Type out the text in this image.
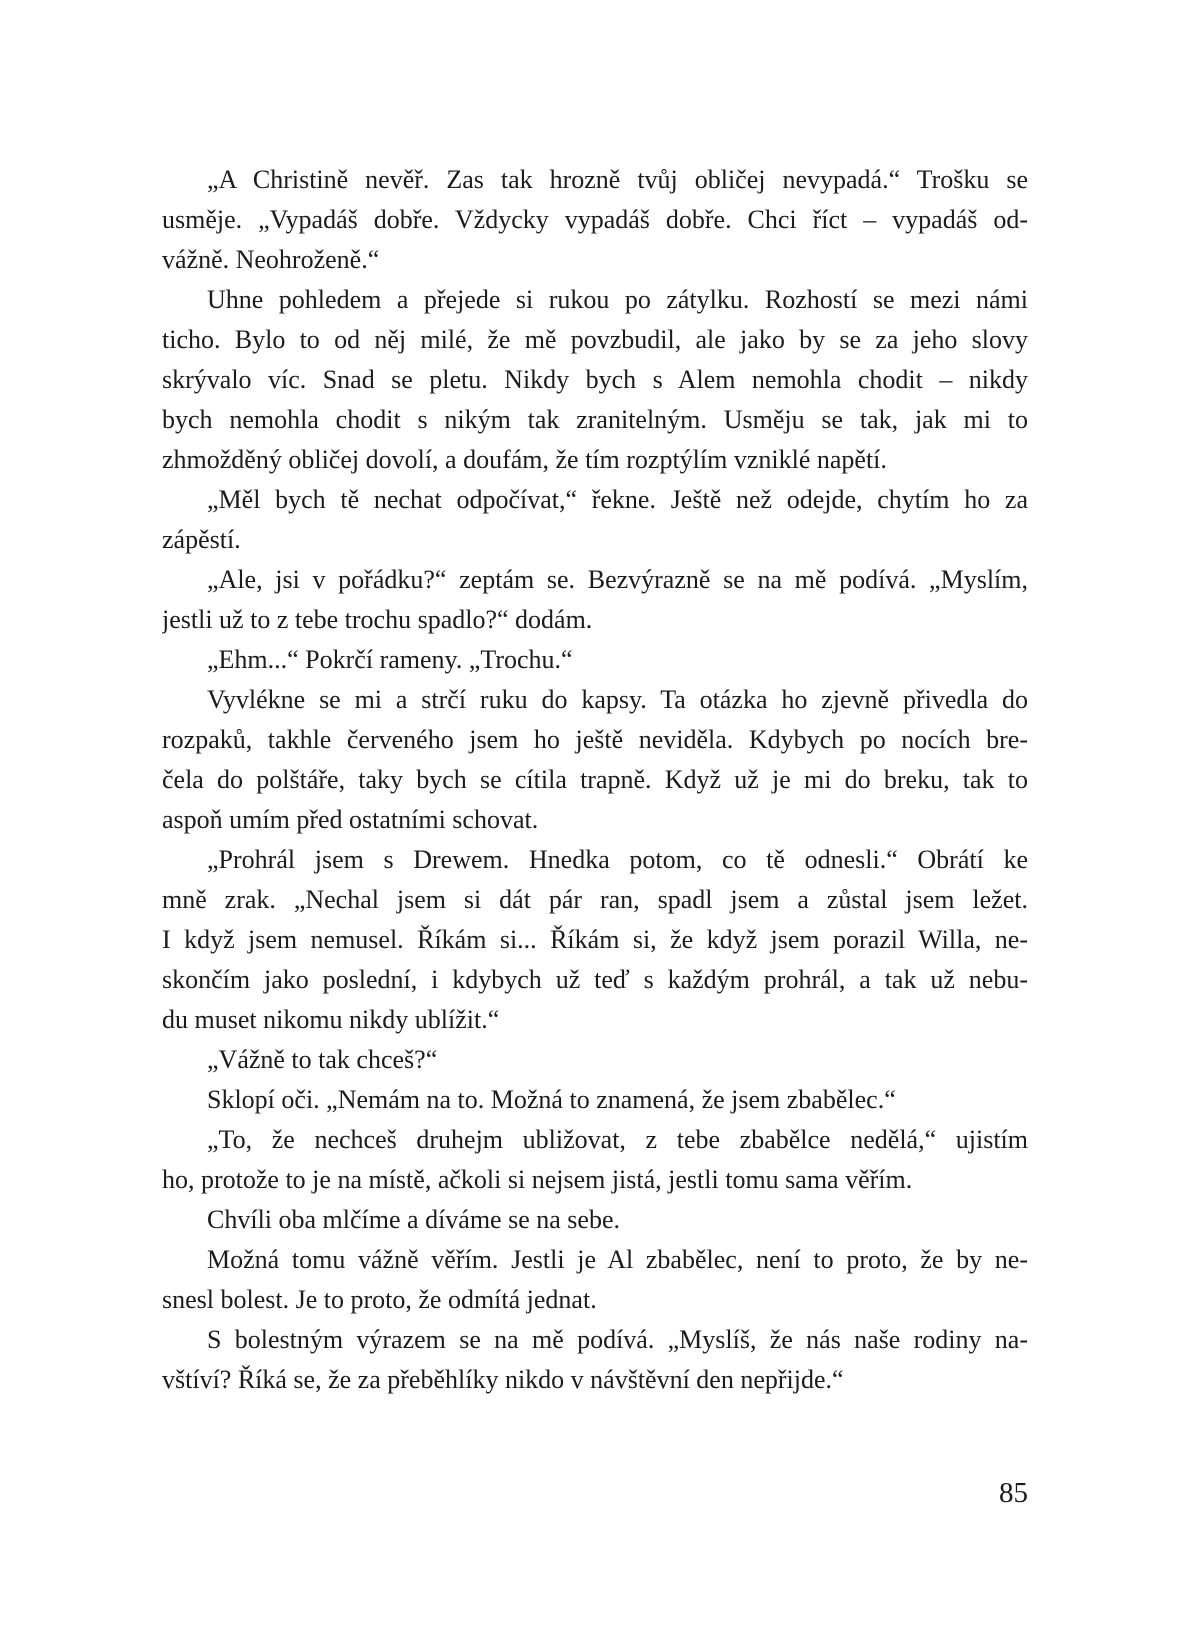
„A Christině nevěř. Zas tak hrozně tvůj obličej nevypadá.“ Trošku se
usměje. „Vypadáš dobře. Vždycky vypadáš dobře. Chci říct – vypadáš od-
vážně. Neohroženě.“
Uhne pohledem a přejede si rukou po zátylku. Rozhostí se mezi námi
ticho. Bylo to od něj milé, že mě povzbudil, ale jako by se za jeho slovy
skrývalo víc. Snad se pletu. Nikdy bych s Alem nemohla chodit – nikdy
bych nemohla chodit s nikým tak zranitelným. Usměju se tak, jak mi to
zhmožděný obličej dovolí, a doufám, že tím rozptýlím vzniklé napětí.
„Měl bych tě nechat odpočívat,“ řekne. Ještě než odejde, chytím ho za
zápěstí.
„Ale, jsi v pořádku?“ zeptám se. Bezvýrazně se na mě podívá. „Myslím,
jestli už to z tebe trochu spadlo?“ dodám.
„Ehm...“ Pokrčí rameny. „Trochu.“
Vyvlékne se mi a strčí ruku do kapsy. Ta otázka ho zjevně přivedla do
rozpaků, takhle červeného jsem ho ještě neviděla. Kdybych po nocích bre-
čela do polštáře, taky bych se cítila trapně. Když už je mi do breku, tak to
aspoň umím před ostatními schovat.
„Prohrál jsem s Drewem. Hnedka potom, co tě odnesli.“ Obrátí ke
mně zrak. „Nechal jsem si dát pár ran, spadl jsem a zůstal jsem ležet.
I když jsem nemusel. Říkám si... Říkám si, že když jsem porazil Willa, ne-
skončím jako poslední, i kdybych už teď s každým prohrál, a tak už nebu-
du muset nikomu nikdy ublížit.“
„Vážně to tak chceš?“
Sklopí oči. „Nemám na to. Možná to znamená, že jsem zbabělec.“
„To, že nechceš druhejm ubližovat, z tebe zbabělce nedělá,“ ujistím
ho, protože to je na místě, ačkoli si nejsem jistá, jestli tomu sama věřím.
Chvíli oba mlčíme a díváme se na sebe.
Možná tomu vážně věřím. Jestli je Al zbabělec, není to proto, že by ne-
snesl bolest. Je to proto, že odmítá jednat.
S bolestným výrazem se na mě podívá. „Myslíš, že nás naše rodiny na-
vštíví? Říká se, že za přeběhlíky nikdo v návštěvní den nepřijde.“
85
